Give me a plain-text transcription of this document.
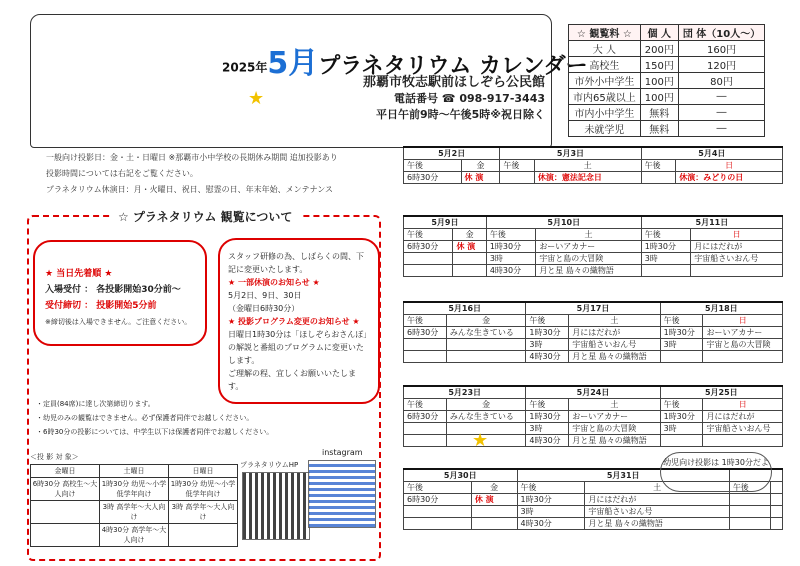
2025年5月プラネタリウム カレンダー
那覇市牧志駅前ほしぞら公民館
電話番号 ☎ 098-917-3443
平日午前9時〜午後5時※祝日除く
★
☆ 観覧料 ☆	個 人	団 体（10人〜）
大 人	200円	160円
高校生	150円	120円
市外小中学生	100円	80円
市内65歳以上	100円	―
市内小中学生	無料	―
未就学児	無料	―
一般向け投影日：金・土・日曜日 ※那覇市小中学校の長期休み期間 追加投影あり
投影時間については右記をご覧ください。
プラネタリウム休演日：月・火曜日、祝日、慰霊の日、年末年始、メンテナンス
☆ プラネタリウム 観覧について
★ 当日先着順 ★
入場受付 ： 各投影開始30分前〜
受付締切 ： 投影開始5分前
※締切後は入場できません。ご注意ください。
スタッフ研修の為、しばらくの間、下記に変更いたします。
★ 一部休演のお知らせ ★
5月2日、9日、30日
（金曜日6時30分）
★ 投影プログラム変更のお知らせ ★
日曜日1時30分は「ほしぞらおさんぽ」の解説と番組のプログラムに変更いたします。
ご理解の程、宜しくお願いいたします。
・定員(84席)に達し次第締切ります。
・幼児のみの観覧はできません。必ず保護者同伴でお越しください。
・6時30分の投影については、中学生以下は保護者同伴でお越しください。
＜投 影 対 象＞
金曜日	土曜日	日曜日
6時30分 高校生〜大人向け	1時30分 幼児〜小学低学年向け	1時30分 幼児〜小学低学年向け
	3時 高学年〜大人向け	3時 高学年〜大人向け
	4時30分 高学年〜大人向け	
プラネタリウムHP
instagram
5月2日		5月3日		5月4日	
午後	金	午後	土	午後	日
6時30分	休 演		休演：憲法記念日		休演：みどりの日
5月9日		5月10日		5月11日	
午後	金	午後	土	午後	日
6時30分	休 演	1時30分	おーいアカナー	1時30分	月にはだれが
		3時	宇宙と島の大冒険	3時	宇宙船さいおん号
		4時30分	月と星 島々の織物語		
5月16日		5月17日		5月18日	
午後	金	午後	土	午後	日
6時30分	みんな生きている	1時30分	月にはだれが	1時30分	おーいアカナー
		3時	宇宙船さいおん号	3時	宇宙と島の大冒険
		4時30分	月と星 島々の織物語		
5月23日		5月24日		5月25日	
午後	金	午後	土	午後	日
6時30分	みんな生きている	1時30分	おーいアカナー	1時30分	月にはだれが
		3時	宇宙と島の大冒険	3時	宇宙船さいおん号
		4時30分	月と星 島々の織物語		
5月30日		5月31日			
午後	金	午後	土	午後	
6時30分	休 演	1時30分	月にはだれが		
		3時	宇宙船さいおん号		
		4時30分	月と星 島々の織物語		
★
幼児向け投影は 1時30分だよ
